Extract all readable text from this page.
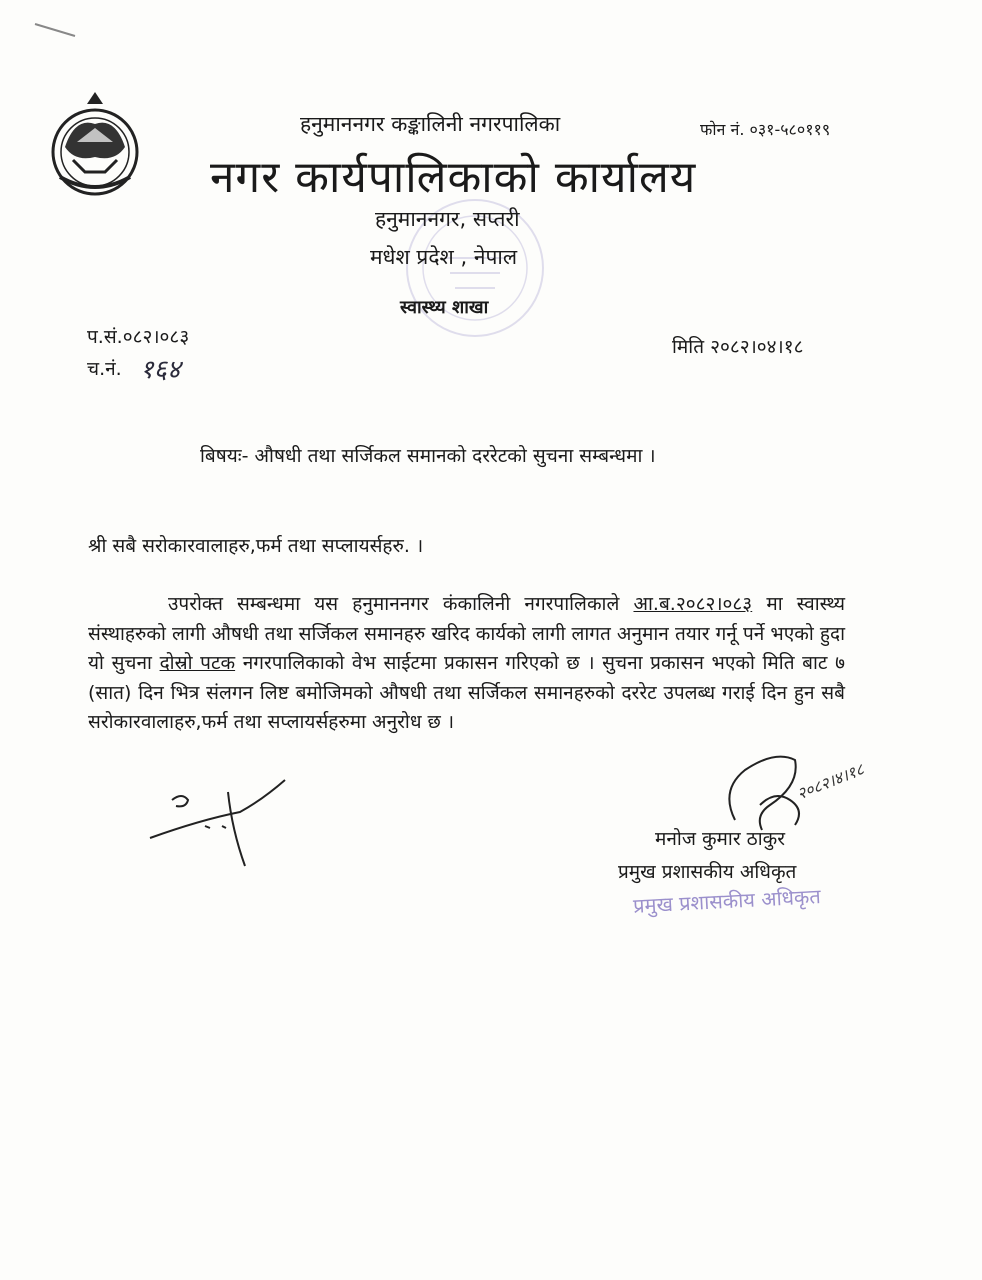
हनुमाननगर कङ्कालिनी नगरपालिका	फोन नं. ०३१-५८०११९
नगर कार्यपालिकाको कार्यालय
हनुमाननगर, सप्तरी
मधेश प्रदेश , नेपाल
स्वास्थ्य शाखा
प.सं.०८२।०८३
च.नं. १६४
मिति २०८२।०४।१८
बिषयः- औषधी तथा सर्जिकल समानको दररेटको सुचना सम्बन्धमा ।
श्री सबै सरोकारवालाहरु,फर्म तथा सप्लायर्सहरु. ।
उपरोक्त सम्बन्धमा यस हनुमाननगर कंकालिनी नगरपालिकाले आ.ब.२०८२।०८३ मा स्वास्थ्य संस्थाहरुको लागी औषधी तथा सर्जिकल समानहरु खरिद कार्यको लागी लागत अनुमान तयार गर्नू पर्ने भएको हुदा यो सुचना दोस्रो पटक नगरपालिकाको वेभ साईटमा प्रकासन गरिएको छ । सुचना प्रकासन भएको मिति बाट ७ (सात) दिन भित्र संलगन लिष्ट बमोजिमको औषधी तथा सर्जिकल समानहरुको दररेट उपलब्ध गराई दिन हुन सबै सरोकारवालाहरु,फर्म तथा सप्लायर्सहरुमा अनुरोध छ ।
२०८२।४।१८
मनोज कुमार ठाकुर
प्रमुख प्रशासकीय अधिकृत
प्रमुख प्रशासकीय अधिकृत
